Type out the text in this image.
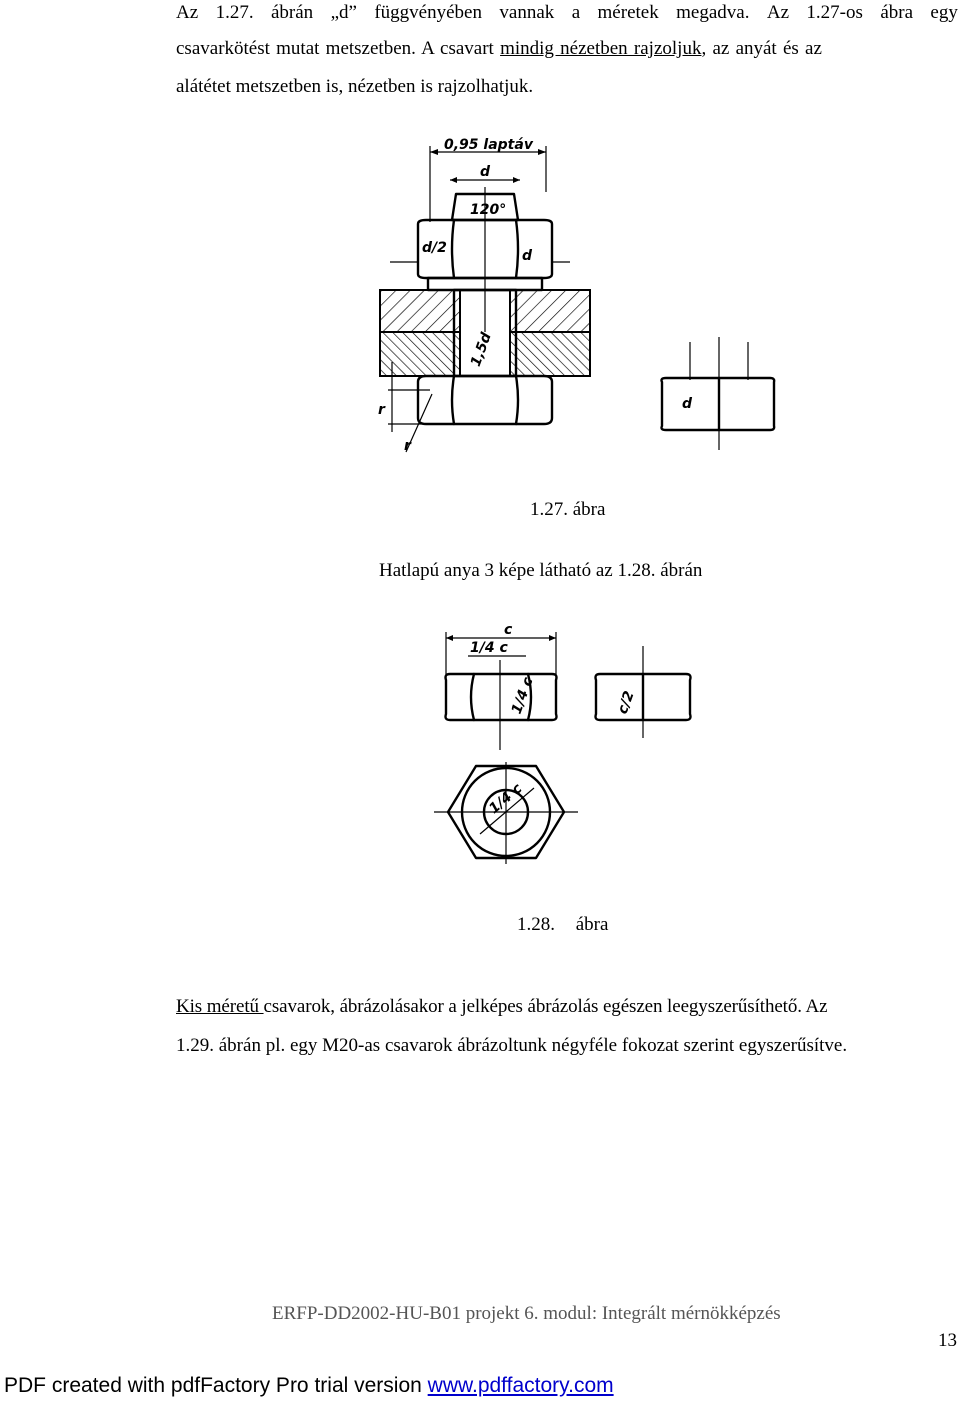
Az 1.27. ábrán „d” függvényében vannak a méretek megadva. Az 1.27-os ábra egy
csavarkötést mutat metszetben. A csavart mindig nézetben rajzoljuk, az anyát és az
alátétet metszetben is, nézetben is rajzolhatjuk.
0,95 laptáv
d
120°
d/2	d
1,5d
r
r
d
1.27. ábra
Hatlapú anya 3 képe látható az 1.28. ábrán
c
1/4 c
1/4 c	c/2
1/4 c
1.28. ábra
Kis méretű csavarok, ábrázolásakor a jelképes ábrázolás egészen leegyszerűsíthető. Az
1.29. ábrán pl. egy M20-as csavarok ábrázoltunk négyféle fokozat szerint egyszerűsítve.
ERFP-DD2002-HU-B01 projekt 6. modul: Integrált mérnökképzés
13
PDF created with pdfFactory Pro trial version www.pdffactory.com
